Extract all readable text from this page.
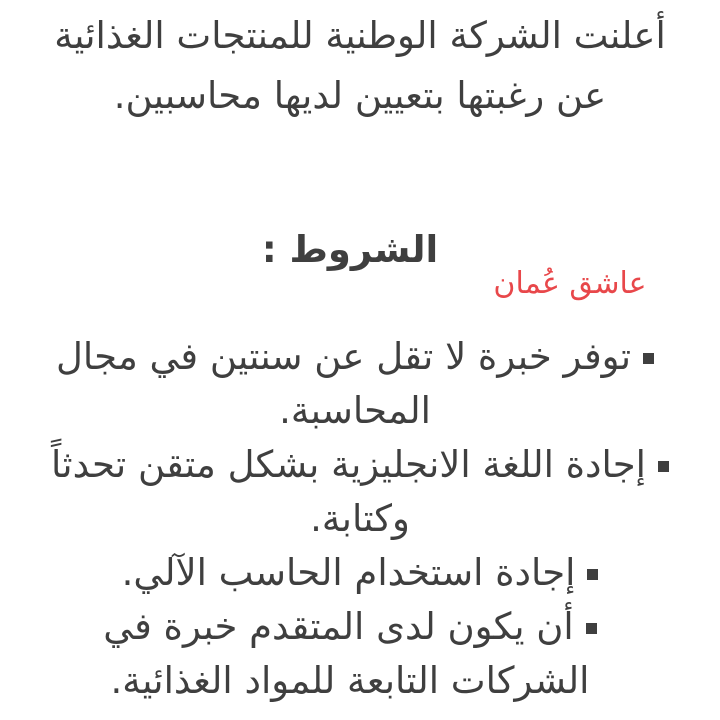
أعلنت الشركة الوطنية للمنتجات الغذائية عن رغبتها بتعيين لديها محاسبين.

الشروط :
عاشق عُمان
توفر خبرة لا تقل عن سنتين في مجال المحاسبة.
إجادة اللغة الانجليزية بشكل متقن تحدثاً وكتابة.
إجادة استخدام الحاسب الآلي.
أن يكون لدى المتقدم خبرة في الشركات التابعة للمواد الغذائية.
